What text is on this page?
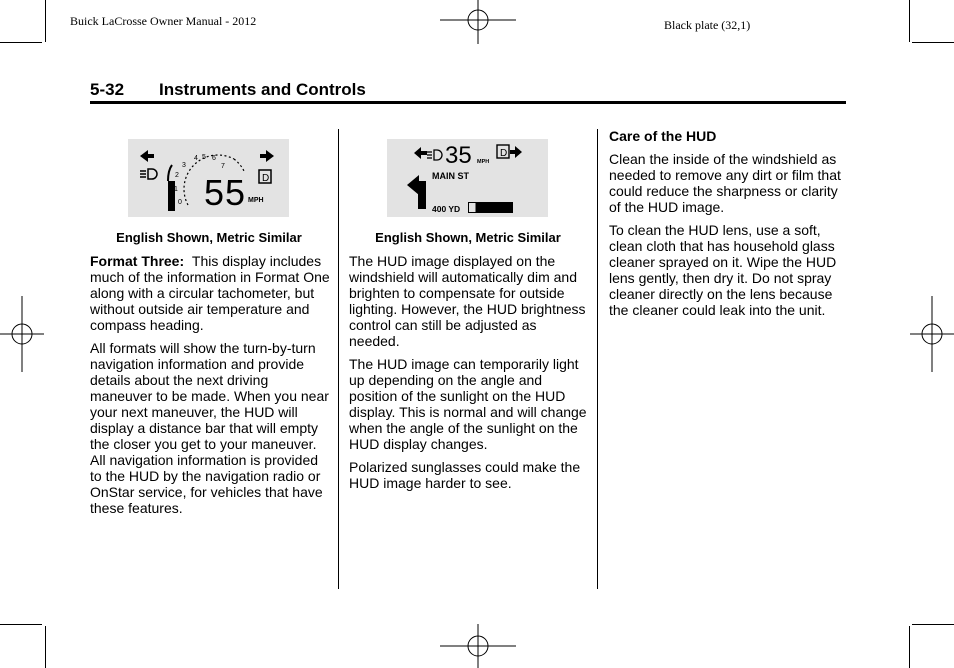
Buick LaCrosse Owner Manual - 2012	Black plate (32,1)
5-32 Instruments and Controls
0
1
2
3
4 5 6
7
55 MPH
D
English Shown, Metric Similar
35 MPH
D
MAIN ST
400 YD
English Shown, Metric Similar

Format Three: This display includes much of the information in Format One along with a circular tachometer, but without outside air temperature and compass heading.

All formats will show the turn-by-turn navigation information and provide details about the next driving maneuver to be made. When you near your next maneuver, the HUD will display a distance bar that will empty the closer you get to your maneuver. All navigation information is provided to the HUD by the navigation radio or OnStar service, for vehicles that have these features.

The HUD image displayed on the windshield will automatically dim and brighten to compensate for outside lighting. However, the HUD brightness control can still be adjusted as needed.

The HUD image can temporarily light up depending on the angle and position of the sunlight on the HUD display. This is normal and will change when the angle of the sunlight on the HUD display changes.

Polarized sunglasses could make the HUD image harder to see.

Care of the HUD

Clean the inside of the windshield as needed to remove any dirt or film that could reduce the sharpness or clarity of the HUD image.

To clean the HUD lens, use a soft, clean cloth that has household glass cleaner sprayed on it. Wipe the HUD lens gently, then dry it. Do not spray cleaner directly on the lens because the cleaner could leak into the unit.
